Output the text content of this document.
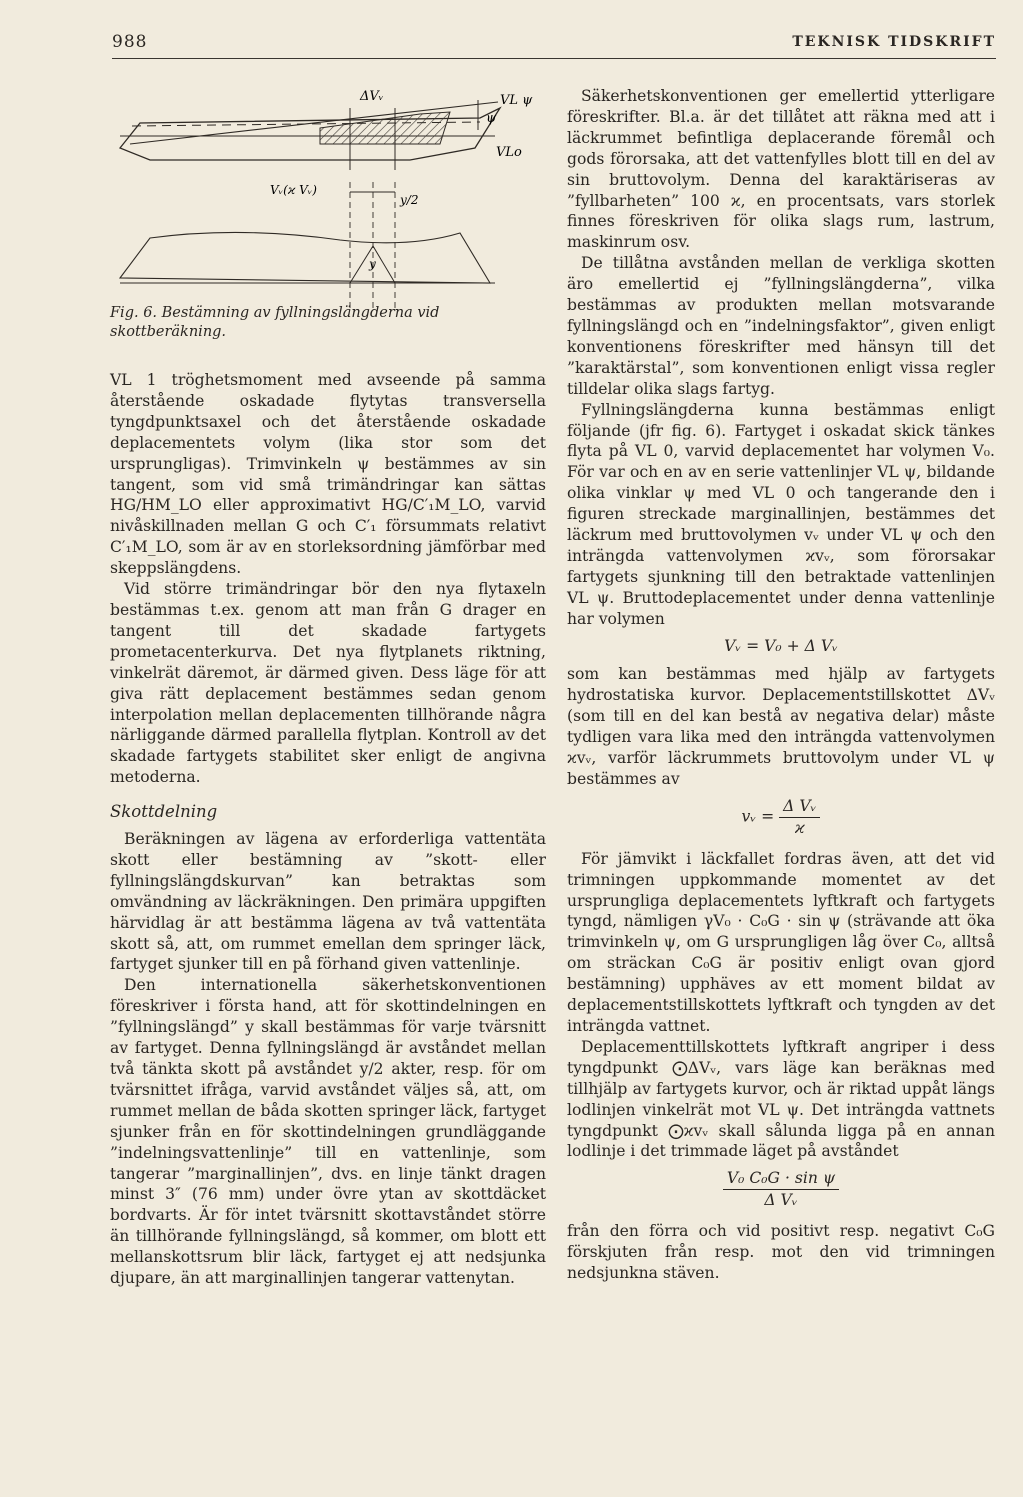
988	TEKNISK TIDSKRIFT
ΔVᵥ	VL ψ
ψ
VLo
Vᵥ(ϰ Vᵥ)
y/2
y
Fig. 6. Bestämning av fyllningslängderna vid skottberäkning.

VL 1 tröghetsmoment med avseende på samma återstående oskadade flytytas transversella tyngdpunktsaxel och det återstående oskadade deplacementets volym (lika stor som det ursprungligas). Trimvinkeln ψ bestämmes av sin tangent, som vid små trimändringar kan sättas HG/HM_LO eller approximativt HG/C′₁M_LO, varvid nivåskillnaden mellan G och C′₁ försummats relativt C′₁M_LO, som är av en storleksordning jämförbar med skeppslängdens.

Vid större trimändringar bör den nya flytaxeln bestämmas t.ex. genom att man från G drager en tangent till det skadade fartygets prometacenterkurva. Det nya flytplanets riktning, vinkelrät däremot, är därmed given. Dess läge för att giva rätt deplacement bestämmes sedan genom interpolation mellan deplacementen tillhörande några närliggande därmed parallella flytplan. Kontroll av det skadade fartygets stabilitet sker enligt de angivna metoderna.

Skottdelning

Beräkningen av lägena av erforderliga vattentäta skott eller bestämning av ”skott- eller fyllningslängdskurvan” kan betraktas som omvändning av läckräkningen. Den primära uppgiften härvidlag är att bestämma lägena av två vattentäta skott så, att, om rummet emellan dem springer läck, fartyget sjunker till en på förhand given vattenlinje.

Den internationella säkerhetskonventionen föreskriver i första hand, att för skottindelningen en ”fyllningslängd” y skall bestämmas för varje tvärsnitt av fartyget. Denna fyllningslängd är avståndet mellan två tänkta skott på avståndet y/2 akter, resp. för om tvärsnittet ifråga, varvid avståndet väljes så, att, om rummet mellan de båda skotten springer läck, fartyget sjunker från en för skottindelningen grundläggande ”indelningsvattenlinje” till en vattenlinje, som tangerar ”marginallinjen”, dvs. en linje tänkt dragen minst 3″ (76 mm) under övre ytan av skottdäcket bordvarts. Är för intet tvärsnitt skottavståndet större än tillhörande fyllningslängd, så kommer, om blott ett mellanskottsrum blir läck, fartyget ej att nedsjunka djupare, än att marginallinjen tangerar vattenytan.

Säkerhetskonventionen ger emellertid ytterligare föreskrifter. Bl.a. är det tillåtet att räkna med att i läckrummet befintliga deplacerande föremål och gods förorsaka, att det vattenfylles blott till en del av sin bruttovolym. Denna del karaktäriseras av ”fyllbarheten” 100 ϰ, en procentsats, vars storlek finnes föreskriven för olika slags rum, lastrum, maskinrum osv.

De tillåtna avstånden mellan de verkliga skotten äro emellertid ej ”fyllningslängderna”, vilka bestämmas av produkten mellan motsvarande fyllningslängd och en ”indelningsfaktor”, given enligt konventionens föreskrifter med hänsyn till det ”karaktärstal”, som konventionen enligt vissa regler tilldelar olika slags fartyg.

Fyllningslängderna kunna bestämmas enligt följande (jfr fig. 6). Fartyget i oskadat skick tänkes flyta på VL 0, varvid deplacementet har volymen V₀. För var och en av en serie vattenlinjer VL ψ, bildande olika vinklar ψ med VL 0 och tangerande den i figuren streckade marginallinjen, bestämmes det läckrum med bruttovolymen vᵥ under VL ψ och den inträngda vattenvolymen ϰvᵥ, som förorsakar fartygets sjunkning till den betraktade vattenlinjen VL ψ. Bruttodeplacementet under denna vattenlinje har volymen

Vᵥ = V₀ + Δ Vᵥ

som kan bestämmas med hjälp av fartygets hydrostatiska kurvor. Deplacementstillskottet ΔVᵥ (som till en del kan bestå av negativa delar) måste tydligen vara lika med den inträngda vattenvolymen ϰvᵥ, varför läckrummets bruttovolym under VL ψ bestämmes av

vᵥ = $\frac{\text{Δ Vᵥ}}{ϰ}$

För jämvikt i läckfallet fordras även, att det vid trimningen uppkommande momentet av det ursprungliga deplacementets lyftkraft och fartygets tyngd, nämligen γV₀ · C₀G · sin ψ (strävande att öka trimvinkeln ψ, om G ursprungligen låg över C₀, alltså om sträckan C₀G är positiv enligt ovan gjord bestämning) upphäves av ett moment bildat av deplacementstillskottets lyftkraft och tyngden av det inträngda vattnet.

Deplacementtillskottets lyftkraft angriper i dess tyngdpunkt ⨀ΔVᵥ, vars läge kan beräknas med tillhjälp av fartygets kurvor, och är riktad uppåt längs lodlinjen vinkelrät mot VL ψ. Det inträngda vattnets tyngdpunkt ⨀ϰvᵥ skall sålunda ligga på en annan lodlinje i det trimmade läget på avståndet

$\frac{\text{V₀ C₀G · sin ψ}}{\text{Δ Vᵥ}}$

från den förra och vid positivt resp. negativt C₀G förskjuten från resp. mot den vid trimningen nedsjunkna stäven.
